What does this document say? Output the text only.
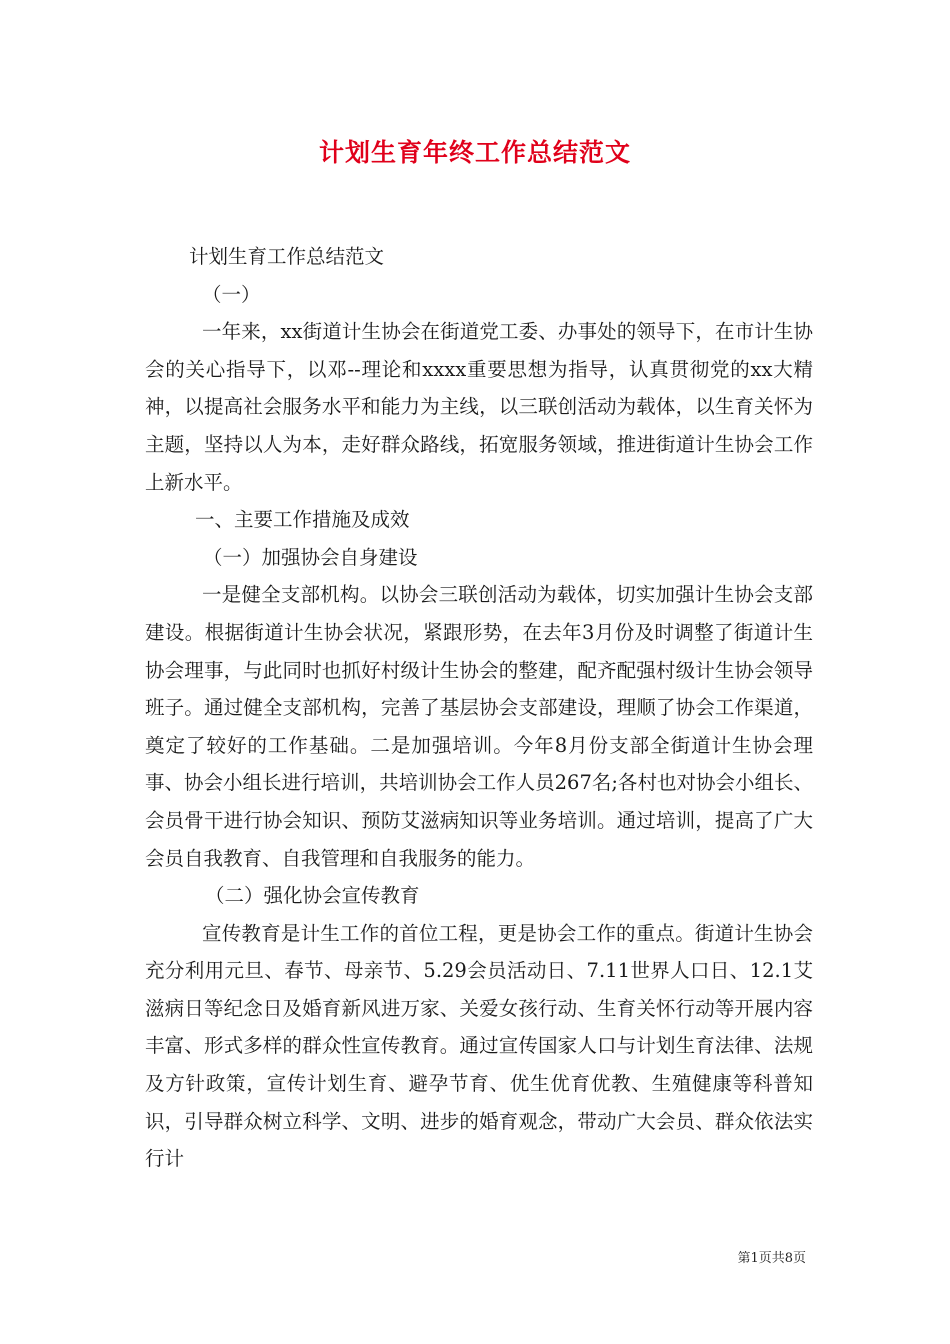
计划生育年终工作总结范文

计划生育工作总结范文

（一）

一年来，xx街道计生协会在街道党工委、办事处的领导下，在市计生协会的关心指导下，以邓--理论和xxxx重要思想为指导，认真贯彻党的xx大精神，以提高社会服务水平和能力为主线，以三联创活动为载体，以生育关怀为主题，坚持以人为本，走好群众路线，拓宽服务领域，推进街道计生协会工作上新水平。

一、主要工作措施及成效

（一）加强协会自身建设

一是健全支部机构。以协会三联创活动为载体，切实加强计生协会支部建设。根据街道计生协会状况，紧跟形势，在去年3月份及时调整了街道计生协会理事，与此同时也抓好村级计生协会的整建，配齐配强村级计生协会领导班子。通过健全支部机构，完善了基层协会支部建设，理顺了协会工作渠道，奠定了较好的工作基础。二是加强培训。今年8月份支部全街道计生协会理事、协会小组长进行培训，共培训协会工作人员267名;各村也对协会小组长、会员骨干进行协会知识、预防艾滋病知识等业务培训。通过培训，提高了广大会员自我教育、自我管理和自我服务的能力。

（二）强化协会宣传教育

宣传教育是计生工作的首位工程，更是协会工作的重点。街道计生协会充分利用元旦、春节、母亲节、5.29会员活动日、7.11世界人口日、12.1艾滋病日等纪念日及婚育新风进万家、关爱女孩行动、生育关怀行动等开展内容丰富、形式多样的群众性宣传教育。通过宣传国家人口与计划生育法律、法规及方针政策，宣传计划生育、避孕节育、优生优育优教、生殖健康等科普知识，引导群众树立科学、文明、进步的婚育观念，带动广大会员、群众依法实行计

第1页共8页
